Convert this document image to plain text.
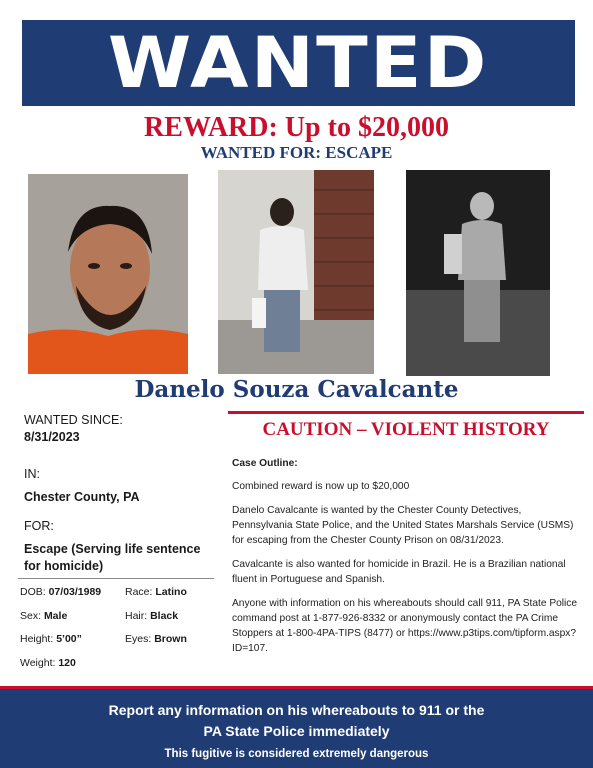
WANTED
REWARD: Up to $20,000
WANTED FOR: ESCAPE
Danelo Souza Cavalcante
WANTED SINCE:
8/31/2023
IN:
Chester County, PA
FOR:
Escape (Serving life sentence for homicide)
DOB: 07/03/1989 Race: Latino
Sex: Male	Hair: Black
Height: 5’00”	Eyes: Brown
Weight: 120
CAUTION – VIOLENT HISTORY
Case Outline:

Combined reward is now up to $20,000

Danelo Cavalcante is wanted by the Chester County Detectives, Pennsylvania State Police, and the United States Marshals Service (USMS) for escaping from the Chester County Prison on 08/31/2023.

Cavalcante is also wanted for homicide in Brazil. He is a Brazilian national fluent in Portuguese and Spanish.

Anyone with information on his whereabouts should call 911, PA State Police command post at 1-877-926-8332 or anonymously contact the PA Crime Stoppers at 1-800-4PA-TIPS (8477) or https://www.p3tips.com/tipform.aspx?ID=107.

Report any information on his whereabouts to 911 or the
PA State Police immediately
This fugitive is considered extremely dangerous
